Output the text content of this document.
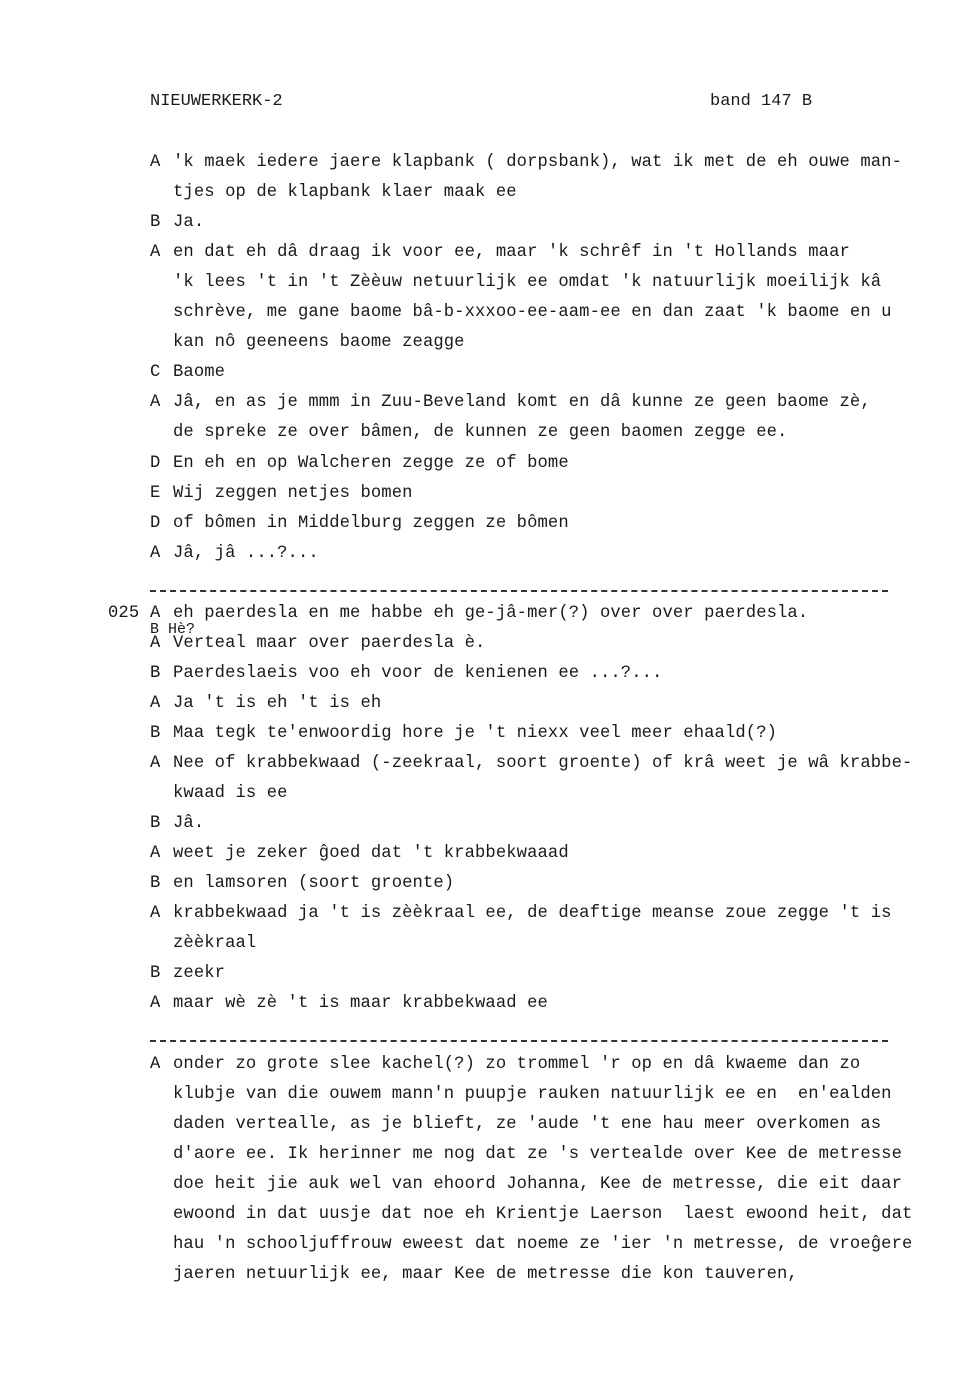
NIEUWERKERK-2	band 147 B
A 'k maek iedere jaere klapbank ( dorpsbank), wat ik met de eh ouwe man-
tjes op de klapbank klaer maak ee
B Ja.
A en dat eh dâ draag ik voor ee, maar 'k schrêf in 't Hollands maar
'k lees 't in 't Zèèuw netuurlijk ee omdat 'k natuurlijk moeilijk kâ
schrève, me gane baome bâ-b-xxxoo-ee-aam-ee en dan zaat 'k baome en u
kan nô geeneens baome zeagge
C Baome
A Jâ, en as je mmm in Zuu-Beveland komt en dâ kunne ze geen baome zè,
de spreke ze over bâmen, de kunnen ze geen baomen zegge ee.
D En eh en op Walcheren zegge ze of bome
E Wij zeggen netjes bomen
D of bômen in Middelburg zeggen ze bômen
A Jâ, jâ ...?...
025 A eh paerdesla en me habbe eh ge-jâ-mer(?) over over paerdesla.
B Hè?
A Verteal maar over paerdesla è.
B Paerdeslaeis voo eh voor de kenienen ee ...?...
A Ja 't is eh 't is eh
B Maa tegk te'enwoordig hore je 't niexx veel meer ehaald(?)
A Nee of krabbekwaad (-zeekraal, soort groente) of krâ weet je wâ krabbe-
kwaad is ee
B Jâ.
A weet je zeker ĝoed dat 't krabbekwaaad
B en lamsoren (soort groente)
A krabbekwaad ja 't is zèèkraal ee, de deaftige meanse zoue zegge 't is
zèèkraal
B zeekr
A maar wè zè 't is maar krabbekwaad ee
A onder zo grote slee kachel(?) zo trommel 'r op en dâ kwaeme dan zo
klubje van die ouwem mann'n puupje rauken natuurlijk ee en  en'ealden
daden vertealle, as je blieft, ze 'aude 't ene hau meer overkomen as
d'aore ee. Ik herinner me nog dat ze 's vertealde over Kee de metresse
doe heit jie auk wel van ehoord Johanna, Kee de metresse, die eit daar
ewoond in dat uusje dat noe eh Krientje Laerson  laest ewoond heit, dat
hau 'n schooljuffrouw eweest dat noeme ze 'ier 'n metresse, de vroeĝere
jaeren netuurlijk ee, maar Kee de metresse die kon tauveren,
